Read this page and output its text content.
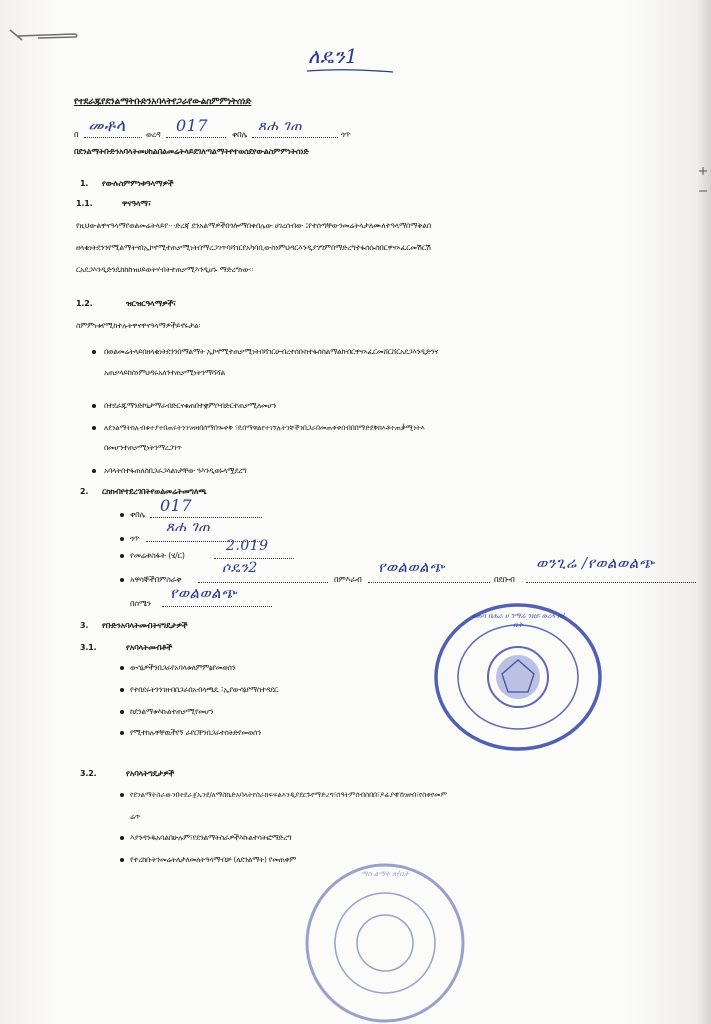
ለዴን1
የተደራጁየደንልማትቡድንአባላትየጋራየውልስምምነትሰነድ
በ መቶላ	ወረዳ 017	ቀበሌ
ጸሐ ገጠ
ጎጥ
በደንልማትቡድንአባላትመሀከልበልመሬትላይደገለጣልማትየተወሰደየውልስምምነትሰነድ
1. የውሉስምምነቱዓላማዎች
1.1.	ዋናዓላማ፣
የዚህውልዋናዓላማየወልመሬትላይየ⋯ድረጃ ደንአልማዎችበጎሎማበቀበሌው ሀገረሰብው ፤የተሰጣቸውንመሬትላታለሙለተዓላማበማቅልበ
ዘላቂነትደንንየሚልማትናበኢኮኖሚተጠቃሚነትበማረጋገጥባሻገርየአካባቢውስነምህዳርእንዲያገግምበማድረግተፋሰሱስበርዋናኣፈርመሽርሽ
ርአደጋእንዲድንዴከከከዝሀይወትሃብትተጠቃሚእንዲሆኑ ማድረግነው።
1.2.	ዝርዝርዓላማዎች፣
ስምምነቱየሚከተሉትዋናዋናዓላማዎችይኖሩታል፡
በወልመሬትላይበዘላቂነትደንንበማልማት ኢኮኖሚተጠቃሚነትበሻገርሁብረተሰቡከተፋሰስልማልከብርዋናኣፈርመሸርሸርአደጋእንዲድንና
አጠቃላይከስነምህዳሩአለንተጠቃሚነትንማሻሻል
በተደራጁማንድኮኒታማራብድርናቁጠበተቋምቦብድርተጠቃሚለመሆን
ለደንልማትከሉብቁተያተበጠሩትንንገዛዛበሰማበጐቀቅ ፣ዴበማዋልየተገኘሉትንቸችንበጋራበመጠቀቀበብበበማድደቅከእቶተጠቃሚነትእ
በመሆንተጠቃሚነትንማረጋገጥ
አባላትበተፋጠለስበጋራጋላልነታቸው ጓእንዲወኑላሟደረግ
2. ርክክብየተደረገበትየወልመሬትመግለጫ
ቀበሌ 017
ጎጥ
ጸሐ ገጠ
የመሬቱስፋት (ሄ/ር)
2.019
አዋሳኞችበምስራቅ
ሶዴን2
በምእራብ
የወልወልጭ
በደቡብ
ወንጊሬ /የወልወልጭ
በሰሜን
የወልወልጭ
3. የቡድንአባላትመብትናግዴታዎች
3.1.	የአባላትመብቶች
ውሳኔዎችንበጋራየአባላቱለምምፅየመወሰን
የተበደሩትንንገዘብበጋራበአብላጫዴ ፣ኢየውሳኔየማስተዳደር
ከደንልማቱእኩልተጠቃሚየመሆን
የሚተከሉዋቸዉችየኝ ራየርቸንበጋራተሰትድየመወሰን
3.2.	የአባላትግዴታዎች
የደንልማትስራውንበተደራጀኡንደ/ለማስኬድአባላትየስራክፍፍልእንዲያደርጉየማድረግ፣ሰዓትምሰብሰበበ፣ዶፊያዊኸገዘብ፣የስቀየመም
ሬጥ
እያንዳንዱአባልበሁሉም፣የደንልማትስራዎችእኩልተሳትፎማድረግ
የተረከቡትንመሬትለታለመለትዓላማብቻ (ለደንልማት) የመጠቀም
ቁጠባ በሐራ ሀ ገማሬ ንዘይ ወረዳ ጽ/ቤት
ማስ ልማት ጽ/ቤት
